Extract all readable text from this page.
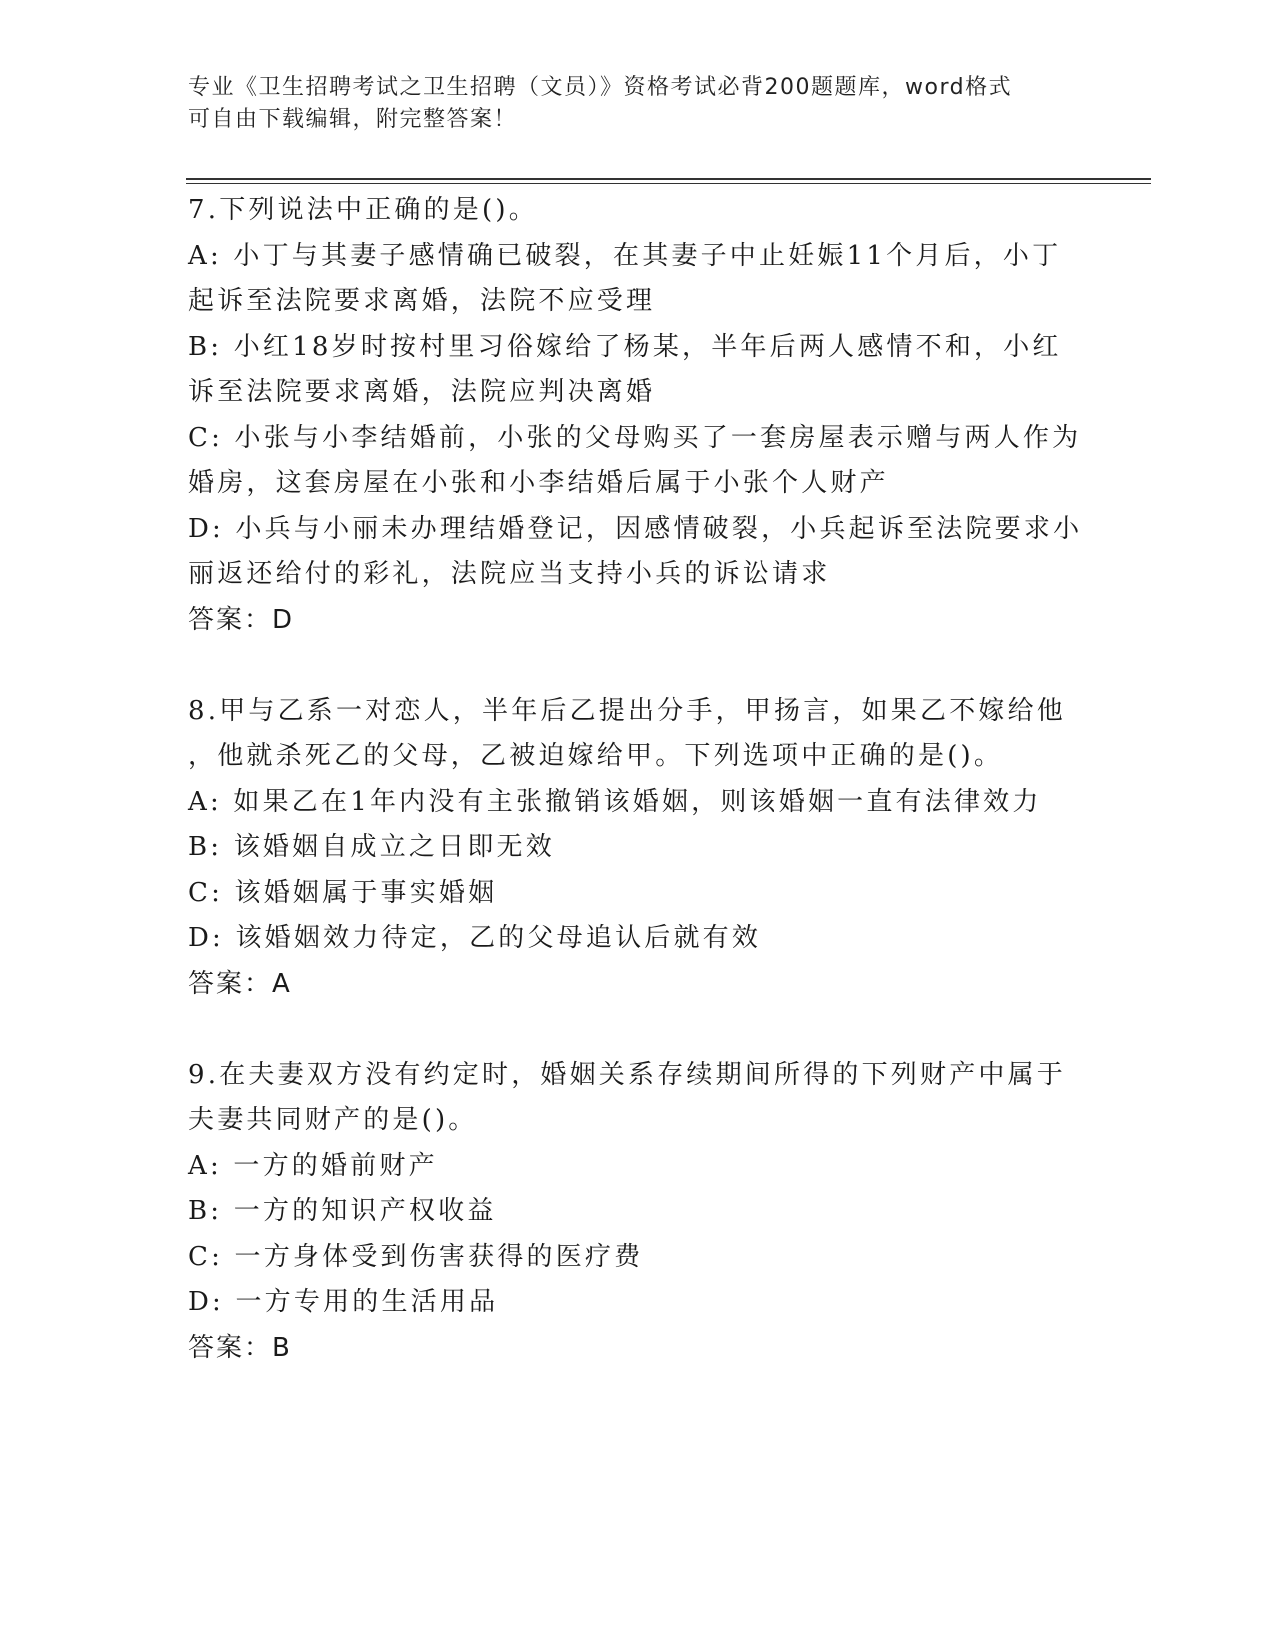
专业《卫生招聘考试之卫生招聘（文员）》资格考试必背200题题库，word格式

可自由下载编辑，附完整答案！

7.下列说法中正确的是()。

A: 小丁与其妻子感情确已破裂，在其妻子中止妊娠11个月后，小丁

起诉至法院要求离婚，法院不应受理

B: 小红18岁时按村里习俗嫁给了杨某，半年后两人感情不和，小红

诉至法院要求离婚，法院应判决离婚

C: 小张与小李结婚前，小张的父母购买了一套房屋表示赠与两人作为

婚房，这套房屋在小张和小李结婚后属于小张个人财产

D: 小兵与小丽未办理结婚登记，因感情破裂，小兵起诉至法院要求小

丽返还给付的彩礼，法院应当支持小兵的诉讼请求

答案：D

8.甲与乙系一对恋人，半年后乙提出分手，甲扬言，如果乙不嫁给他

，他就杀死乙的父母，乙被迫嫁给甲。下列选项中正确的是()。

A: 如果乙在1年内没有主张撤销该婚姻，则该婚姻一直有法律效力

B: 该婚姻自成立之日即无效

C: 该婚姻属于事实婚姻

D: 该婚姻效力待定，乙的父母追认后就有效

答案：A

9.在夫妻双方没有约定时，婚姻关系存续期间所得的下列财产中属于

夫妻共同财产的是()。

A: 一方的婚前财产

B: 一方的知识产权收益

C: 一方身体受到伤害获得的医疗费

D: 一方专用的生活用品

答案：B
